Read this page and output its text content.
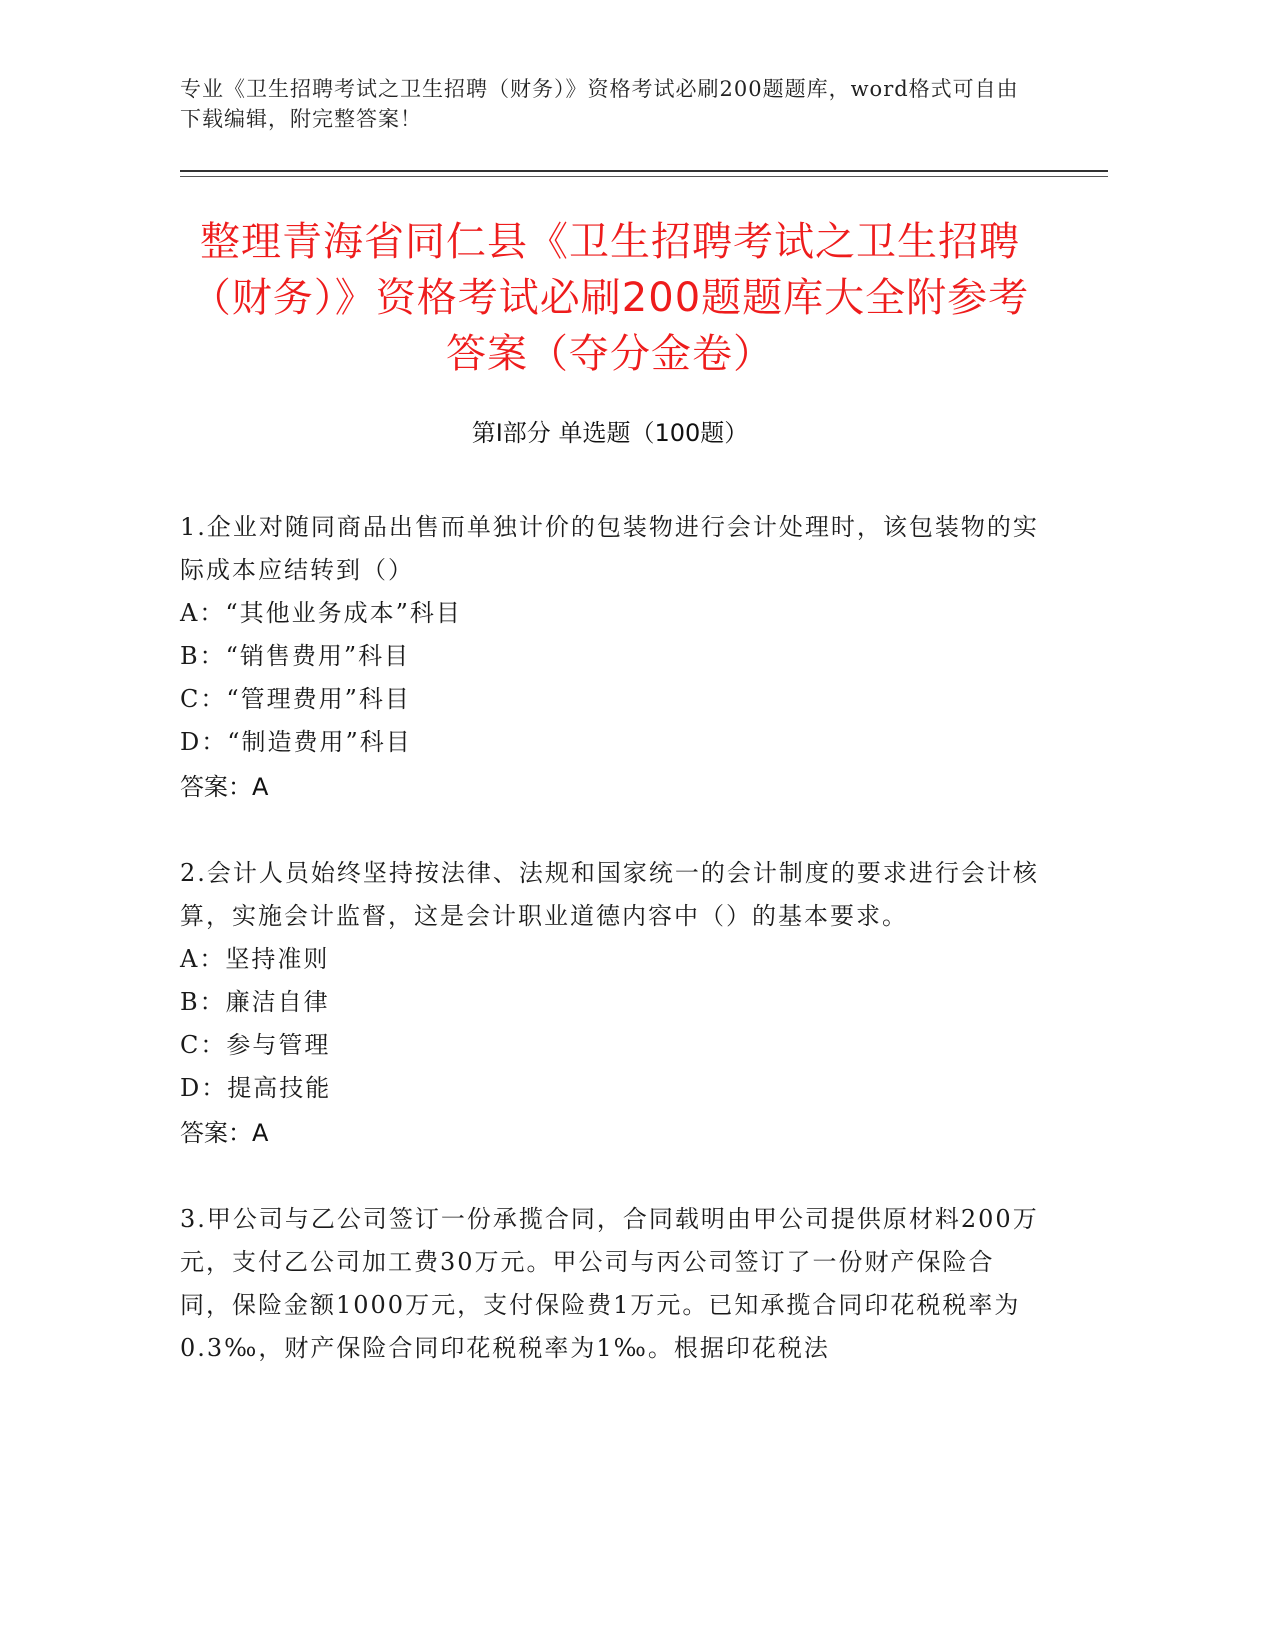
专业《卫生招聘考试之卫生招聘（财务）》资格考试必刷200题题库，word格式可自由下载编辑，附完整答案！
整理青海省同仁县《卫生招聘考试之卫生招聘（财务）》资格考试必刷200题题库大全附参考答案（夺分金卷）
第Ⅰ部分 单选题（100题）

1.企业对随同商品出售而单独计价的包装物进行会计处理时，该包装物的实际成本应结转到（）

A：“其他业务成本”科目

B：“销售费用”科目

C：“管理费用”科目

D：“制造费用”科目

答案：A

2.会计人员始终坚持按法律、法规和国家统一的会计制度的要求进行会计核算，实施会计监督，这是会计职业道德内容中（）的基本要求。

A：坚持准则

B：廉洁自律

C：参与管理

D：提高技能

答案：A

3.甲公司与乙公司签订一份承揽合同，合同载明由甲公司提供原材料200万元，支付乙公司加工费30万元。甲公司与丙公司签订了一份财产保险合同，保险金额1000万元，支付保险费1万元。已知承揽合同印花税税率为0.3‰，财产保险合同印花税税率为1‰。根据印花税法
